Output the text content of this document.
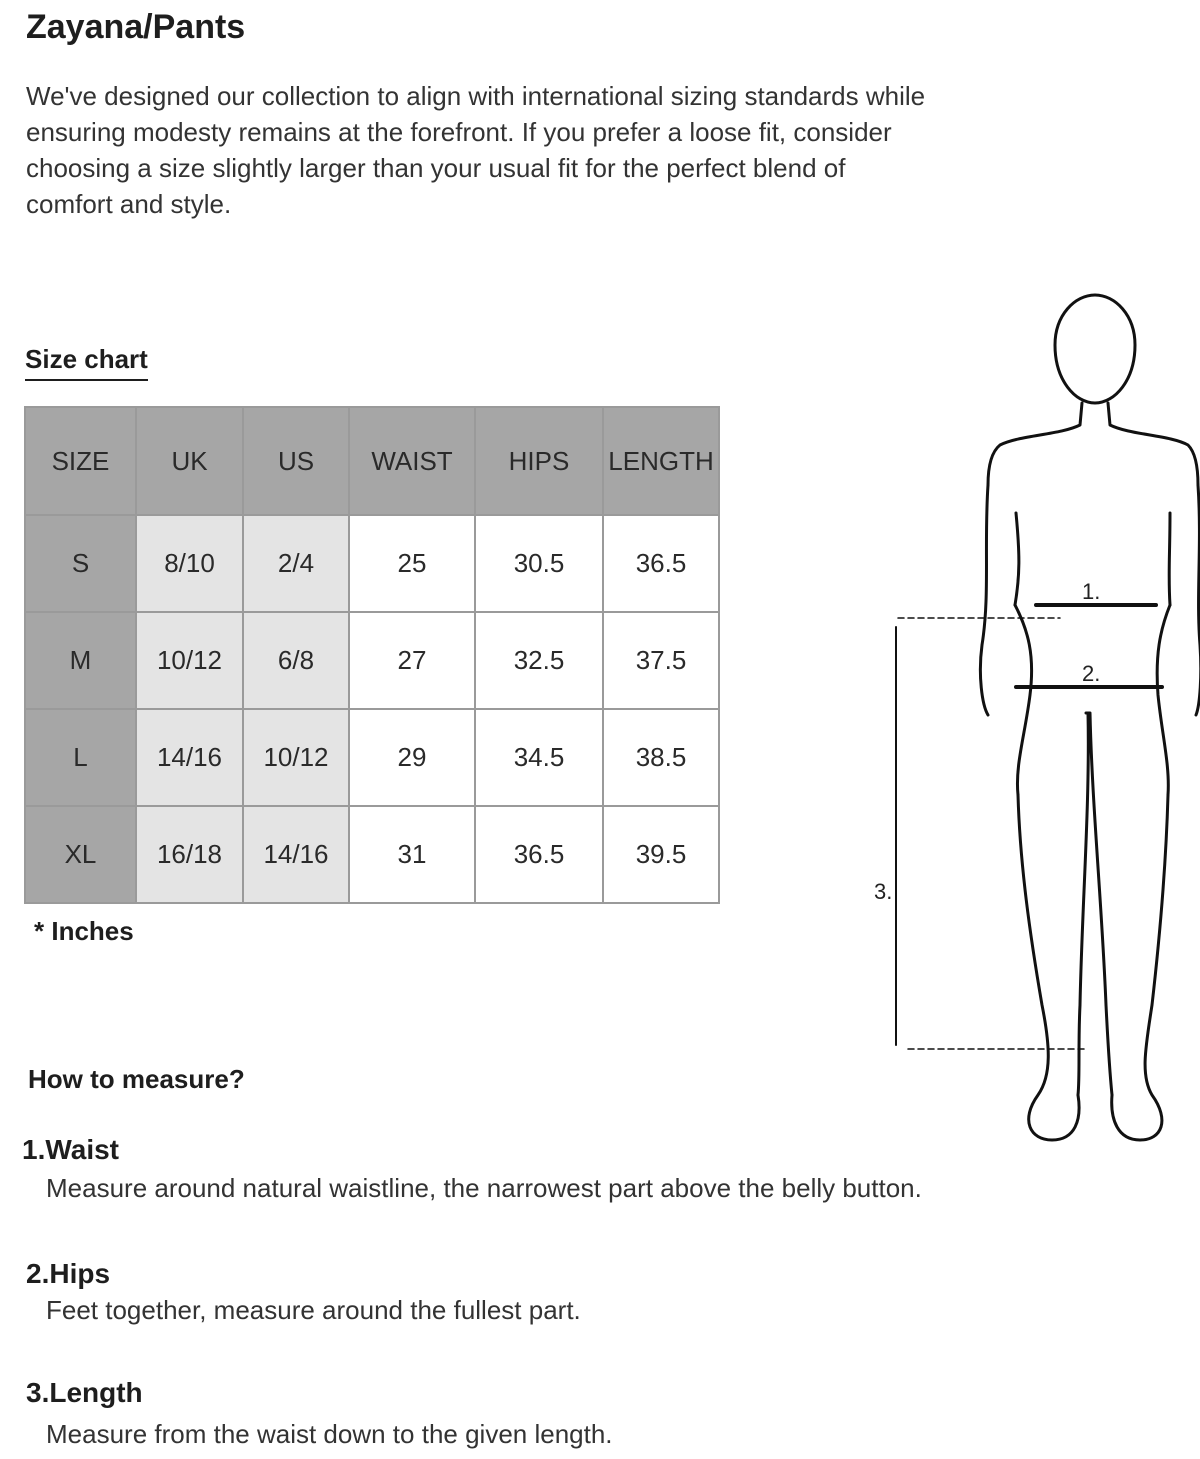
Zayana/Pants
We've designed our collection to align with international sizing standards while ensuring modesty remains at the forefront. If you prefer a loose fit, consider choosing a size slightly larger than your usual fit for the perfect blend of comfort and style.
Size chart
SIZE	UK	US	WAIST	HIPS	LENGTH
S	8/10	2/4	25	30.5	36.5
M	10/12	6/8	27	32.5	37.5
L	14/16	10/12	29	34.5	38.5
XL	16/18	14/16	31	36.5	39.5
* Inches
How to measure?
1.Waist
Measure around natural waistline, the narrowest part above the belly button.
2.Hips
Feet together, measure around the fullest part.
3.Length
Measure from the waist down to the given length.
1.
2.
3.
